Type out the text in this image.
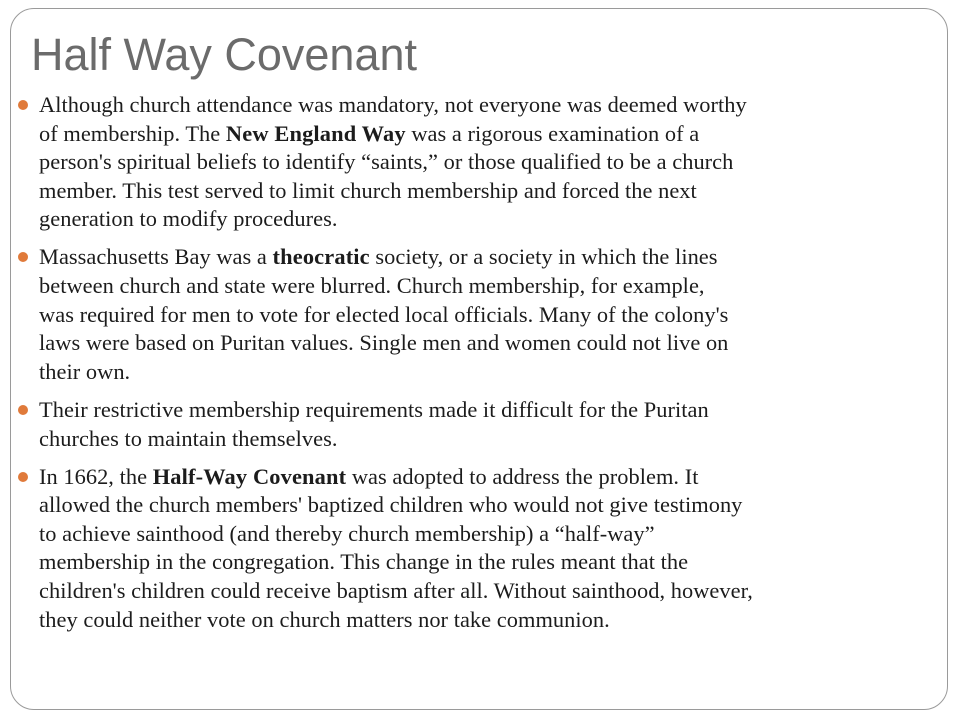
Half Way Covenant
Although church attendance was mandatory, not everyone was deemed worthy
of membership. The New England Way was a rigorous examination of a
person's spiritual beliefs to identify “saints,” or those qualified to be a church
member. This test served to limit church membership and forced the next
generation to modify procedures.
Massachusetts Bay was a theocratic society, or a society in which the lines
between church and state were blurred. Church membership, for example,
was required for men to vote for elected local officials. Many of the colony's
laws were based on Puritan values. Single men and women could not live on
their own.
Their restrictive membership requirements made it difficult for the Puritan
churches to maintain themselves.
In 1662, the Half-Way Covenant was adopted to address the problem. It
allowed the church members' baptized children who would not give testimony
to achieve sainthood (and thereby church membership) a “half-way”
membership in the congregation. This change in the rules meant that the
children's children could receive baptism after all. Without sainthood, however,
they could neither vote on church matters nor take communion.
